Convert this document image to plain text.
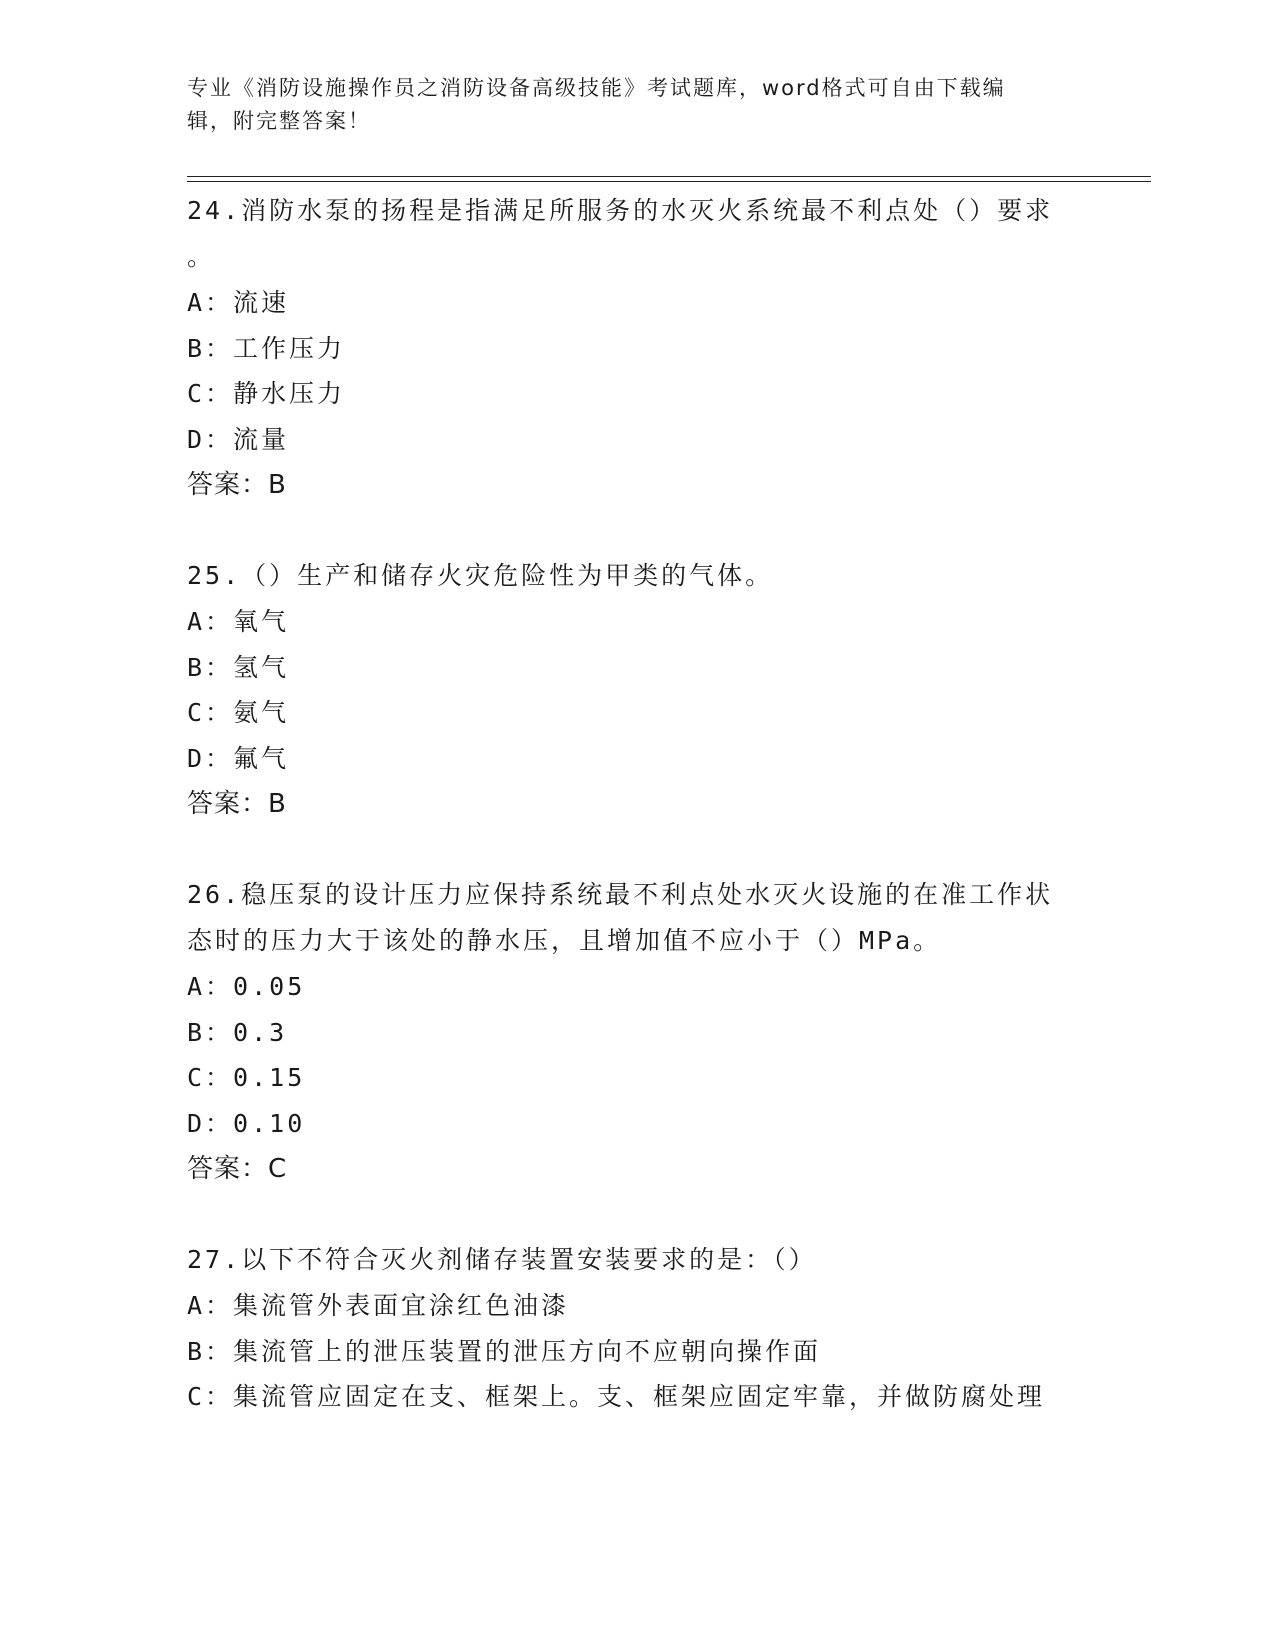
专业《消防设施操作员之消防设备高级技能》考试题库，word格式可自由下载编
辑，附完整答案！

24.消防水泵的扬程是指满足所服务的水灭火系统最不利点处（）要求

。

A：流速

B：工作压力

C：静水压力

D：流量

答案：B

25.（）生产和储存火灾危险性为甲类的气体。

A：氧气

B：氢气

C：氨气

D：氟气

答案：B

26.稳压泵的设计压力应保持系统最不利点处水灭火设施的在准工作状

态时的压力大于该处的静水压，且增加值不应小于（）MPa。

A：0.05

B：0.3

C：0.15

D：0.10

答案：C

27.以下不符合灭火剂储存装置安装要求的是：（）

A：集流管外表面宜涂红色油漆

B：集流管上的泄压装置的泄压方向不应朝向操作面

C：集流管应固定在支、框架上。支、框架应固定牢靠，并做防腐处理
